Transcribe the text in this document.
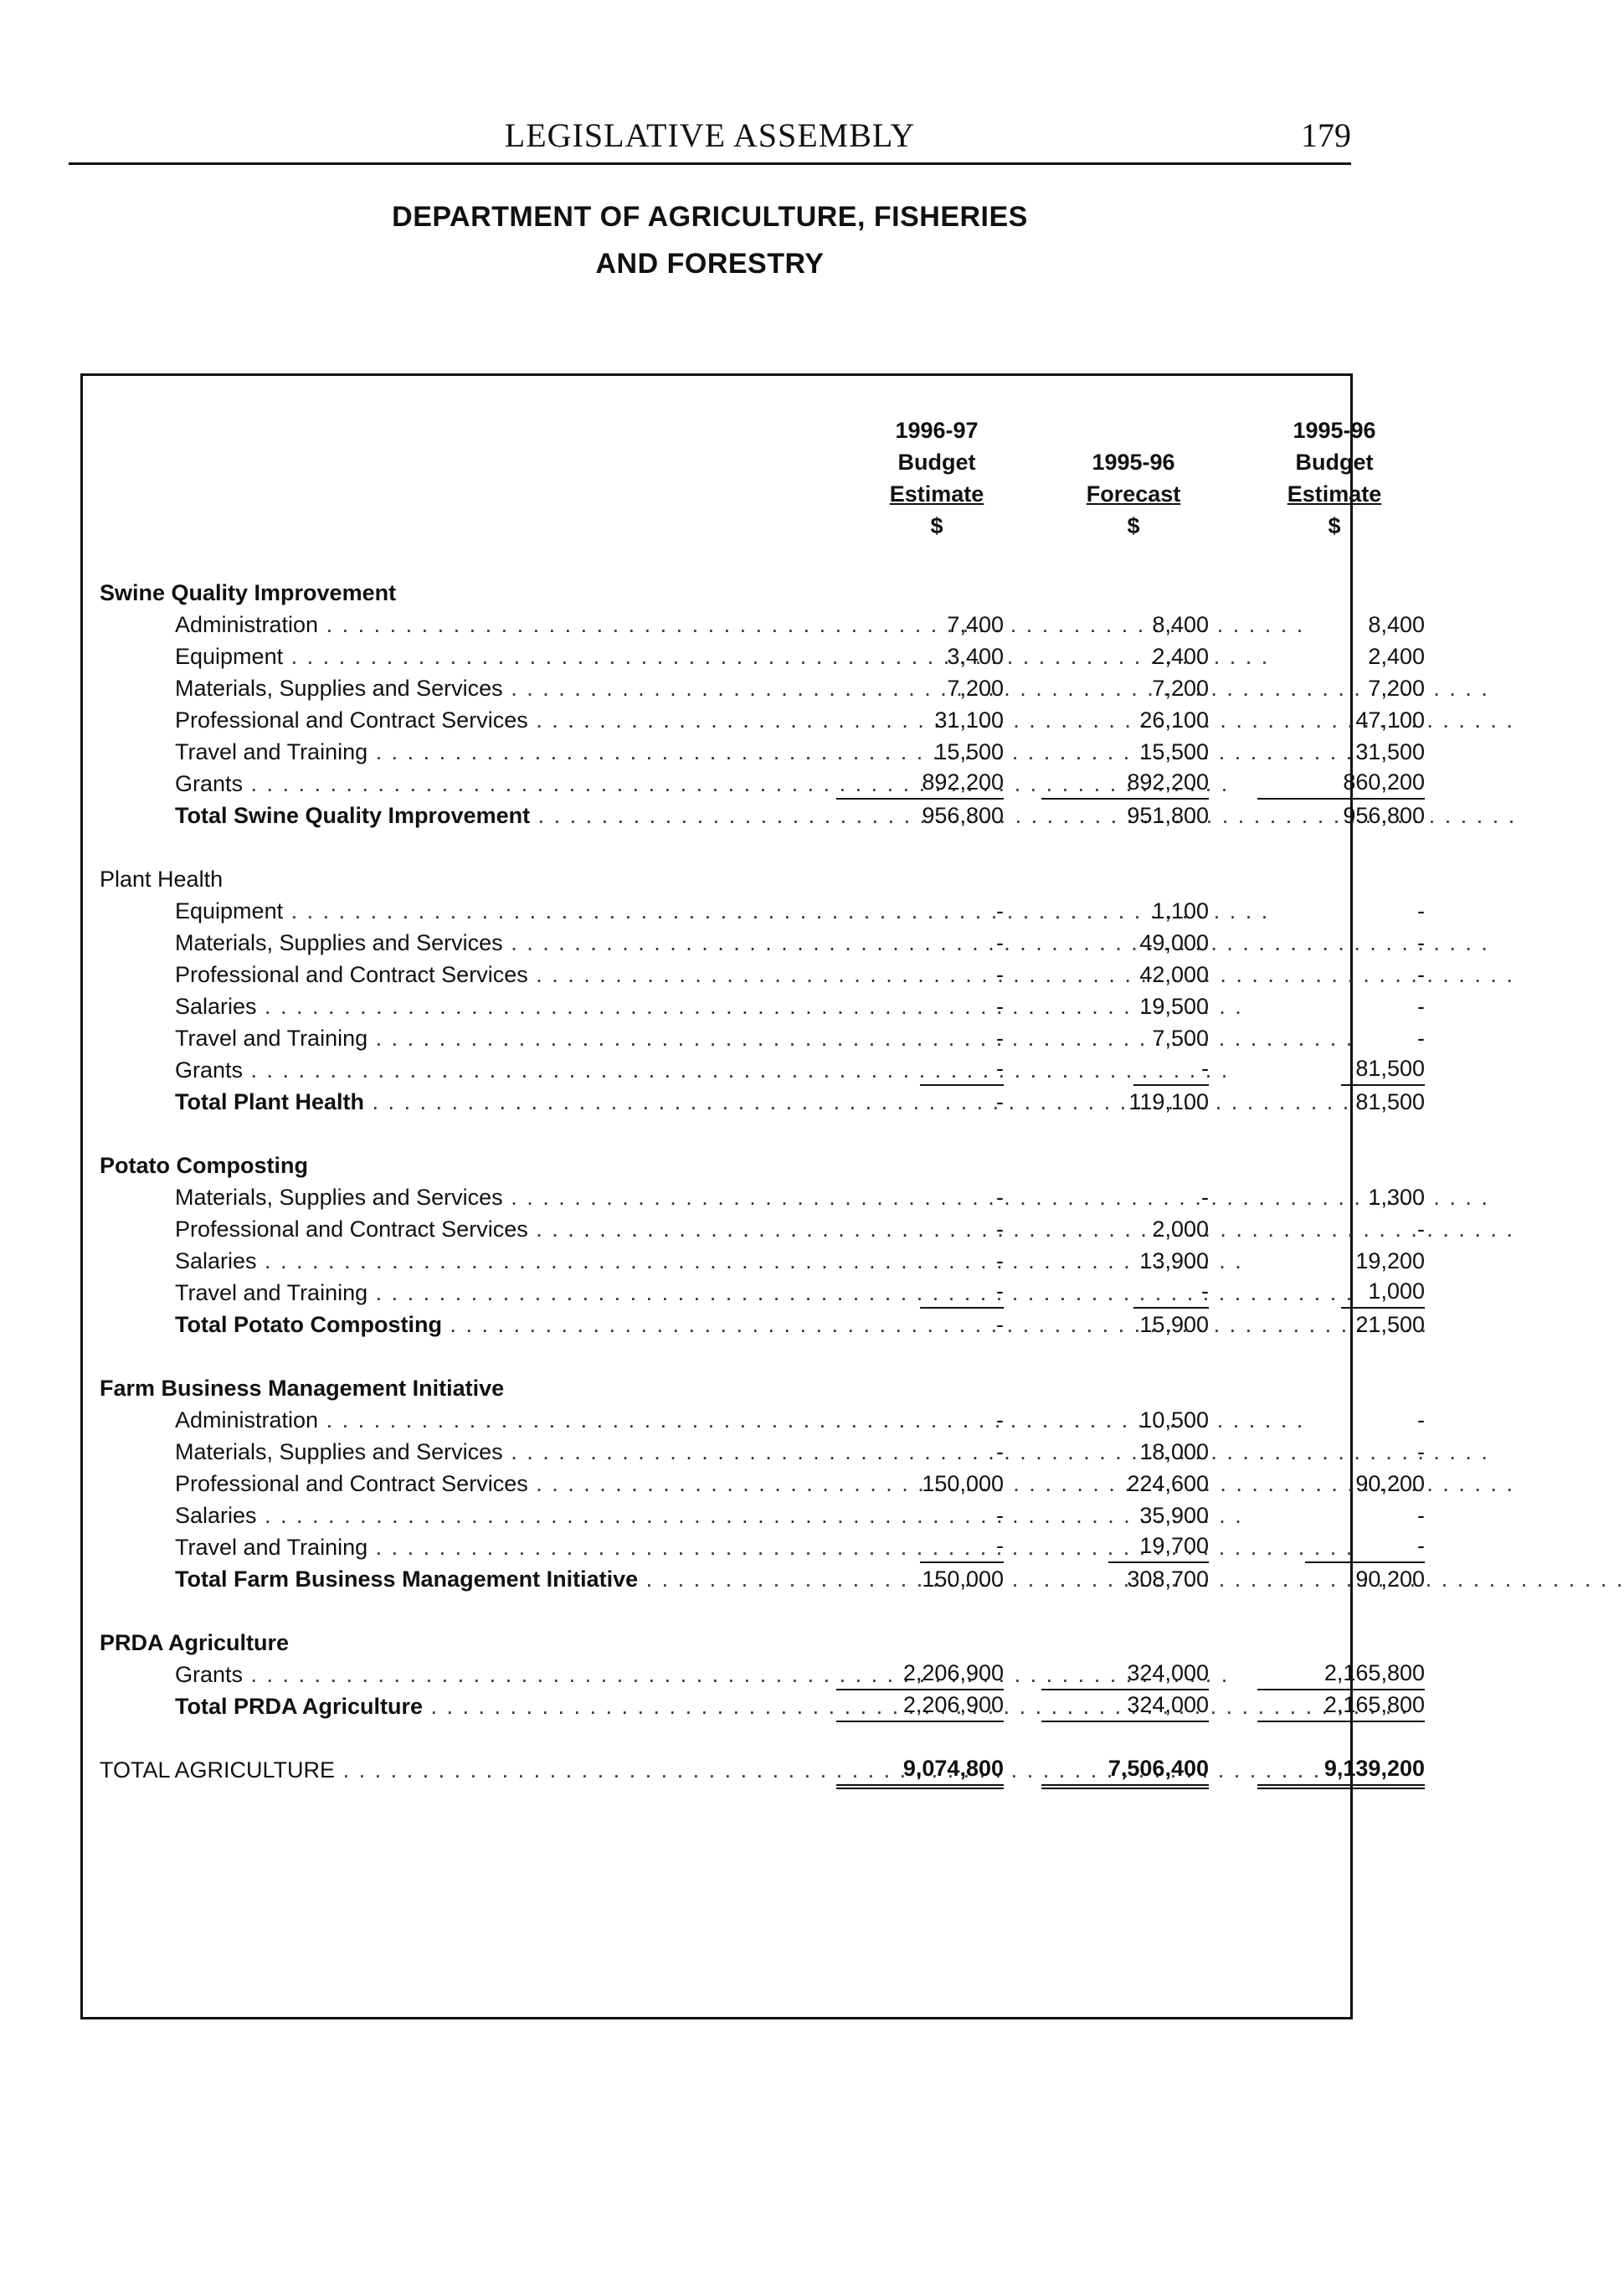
LEGISLATIVE ASSEMBLY	179
DEPARTMENT OF AGRICULTURE, FISHERIES
AND FORESTRY
1996-97
Budget
Estimate
$
1995-96
Forecast
$
1995-96
Budget
Estimate
$
Swine Quality Improvement
Administration . . .	7,400	8,400	8,400
Equipment . . .	3,400	2,400	2,400
Materials, Supplies and Services . . .	7,200	7,200	7,200
Professional and Contract Services . . .	31,100	26,100	47,100
Travel and Training . . .	15,500	15,500	31,500
Grants . . .	892,200	892,200	860,200
Total Swine Quality Improvement . . .	956,800	951,800	956,800
Plant Health
Equipment . . .	-	1,100	-
Materials, Supplies and Services . . .	-	49,000	-
Professional and Contract Services . . .	-	42,000	-
Salaries . . .	-	19,500	-
Travel and Training . . .	-	7,500	-
Grants . . .	-	-	81,500
Total Plant Health . . .	-	119,100	81,500
Potato Composting
Materials, Supplies and Services . . .	-	-	1,300
Professional and Contract Services . . .	-	2,000	-
Salaries . . .	-	13,900	19,200
Travel and Training . . .	-	-	1,000
Total Potato Composting . . .	-	15,900	21,500
Farm Business Management Initiative
Administration . . .	-	10,500	-
Materials, Supplies and Services . . .	-	18,000	-
Professional and Contract Services . . .	150,000	224,600	90,200
Salaries . . .	-	35,900	-
Travel and Training . . .	-	19,700	-
Total Farm Business Management Initiative . . .	150,000	308,700	90,200
PRDA Agriculture
Grants . . .	2,206,900	324,000	2,165,800
Total PRDA Agriculture . . .	2,206,900	324,000	2,165,800
TOTAL AGRICULTURE . . .	9,074,800	7,506,400	9,139,200
